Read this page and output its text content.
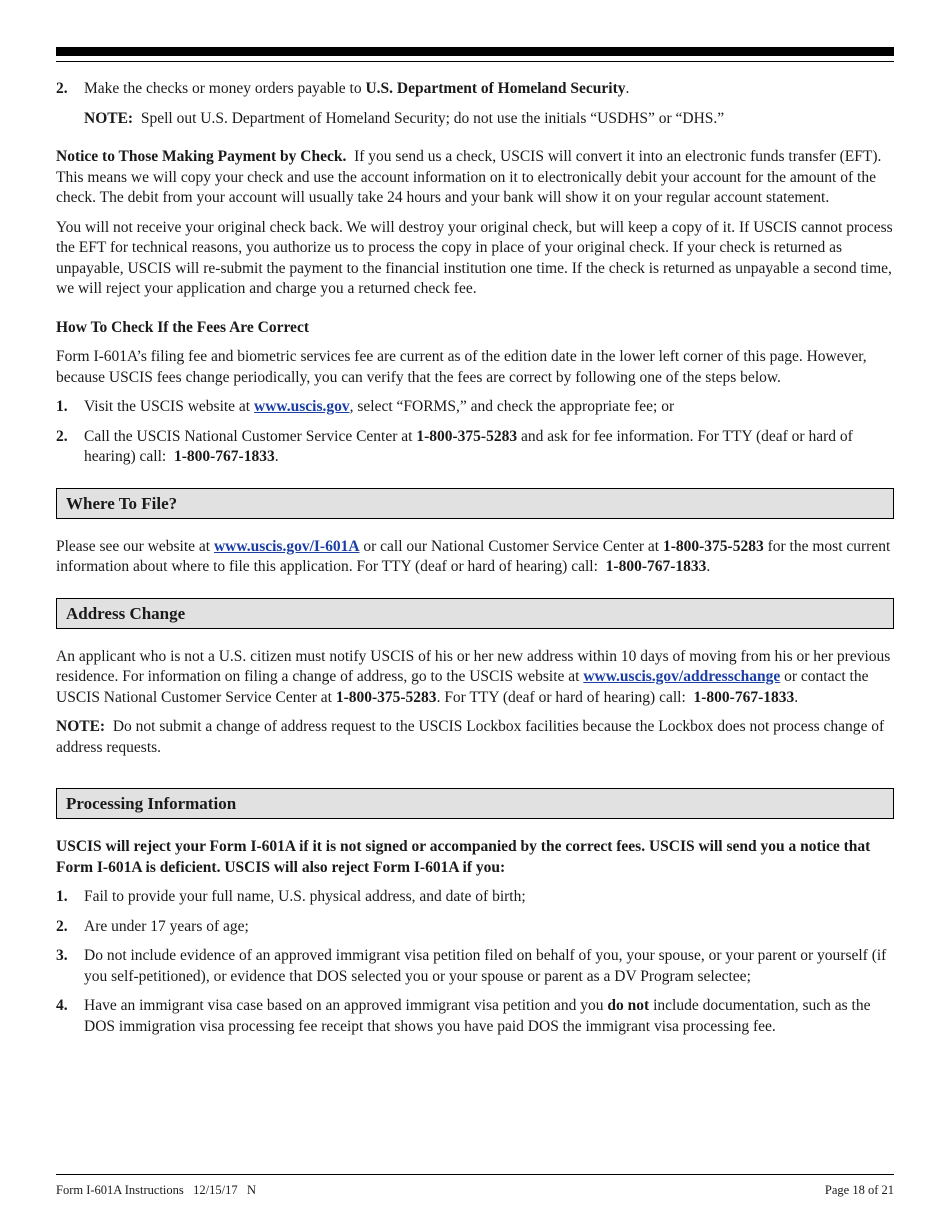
2. Make the checks or money orders payable to U.S. Department of Homeland Security.

NOTE: Spell out U.S. Department of Homeland Security; do not use the initials “USDHS” or “DHS.”

Notice to Those Making Payment by Check. If you send us a check, USCIS will convert it into an electronic funds transfer (EFT). This means we will copy your check and use the account information on it to electronically debit your account for the amount of the check. The debit from your account will usually take 24 hours and your bank will show it on your regular account statement.

You will not receive your original check back. We will destroy your original check, but will keep a copy of it. If USCIS cannot process the EFT for technical reasons, you authorize us to process the copy in place of your original check. If your check is returned as unpayable, USCIS will re-submit the payment to the financial institution one time. If the check is returned as unpayable a second time, we will reject your application and charge you a returned check fee.

How To Check If the Fees Are Correct

Form I-601A’s filing fee and biometric services fee are current as of the edition date in the lower left corner of this page. However, because USCIS fees change periodically, you can verify that the fees are correct by following one of the steps below.

1. Visit the USCIS website at www.uscis.gov, select “FORMS,” and check the appropriate fee; or
2. Call the USCIS National Customer Service Center at 1-800-375-5283 and ask for fee information. For TTY (deaf or hard of hearing) call: 1-800-767-1833.
Where To File?

Please see our website at www.uscis.gov/I-601A or call our National Customer Service Center at 1-800-375-5283 for the most current information about where to file this application. For TTY (deaf or hard of hearing) call: 1-800-767-1833.

Address Change

An applicant who is not a U.S. citizen must notify USCIS of his or her new address within 10 days of moving from his or her previous residence. For information on filing a change of address, go to the USCIS website at www.uscis.gov/addresschange or contact the USCIS National Customer Service Center at 1-800-375-5283. For TTY (deaf or hard of hearing) call: 1-800-767-1833.

NOTE: Do not submit a change of address request to the USCIS Lockbox facilities because the Lockbox does not process change of address requests.

Processing Information

USCIS will reject your Form I-601A if it is not signed or accompanied by the correct fees. USCIS will send you a notice that Form I-601A is deficient. USCIS will also reject Form I-601A if you:

1. Fail to provide your full name, U.S. physical address, and date of birth;
2. Are under 17 years of age;
3. Do not include evidence of an approved immigrant visa petition filed on behalf of you, your spouse, or your parent or yourself (if you self-petitioned), or evidence that DOS selected you or your spouse or parent as a DV Program selectee;
4. Have an immigrant visa case based on an approved immigrant visa petition and you do not include documentation, such as the DOS immigration visa processing fee receipt that shows you have paid DOS the immigrant visa processing fee.
Form I-601A Instructions   12/15/17   N	Page 18 of 21
